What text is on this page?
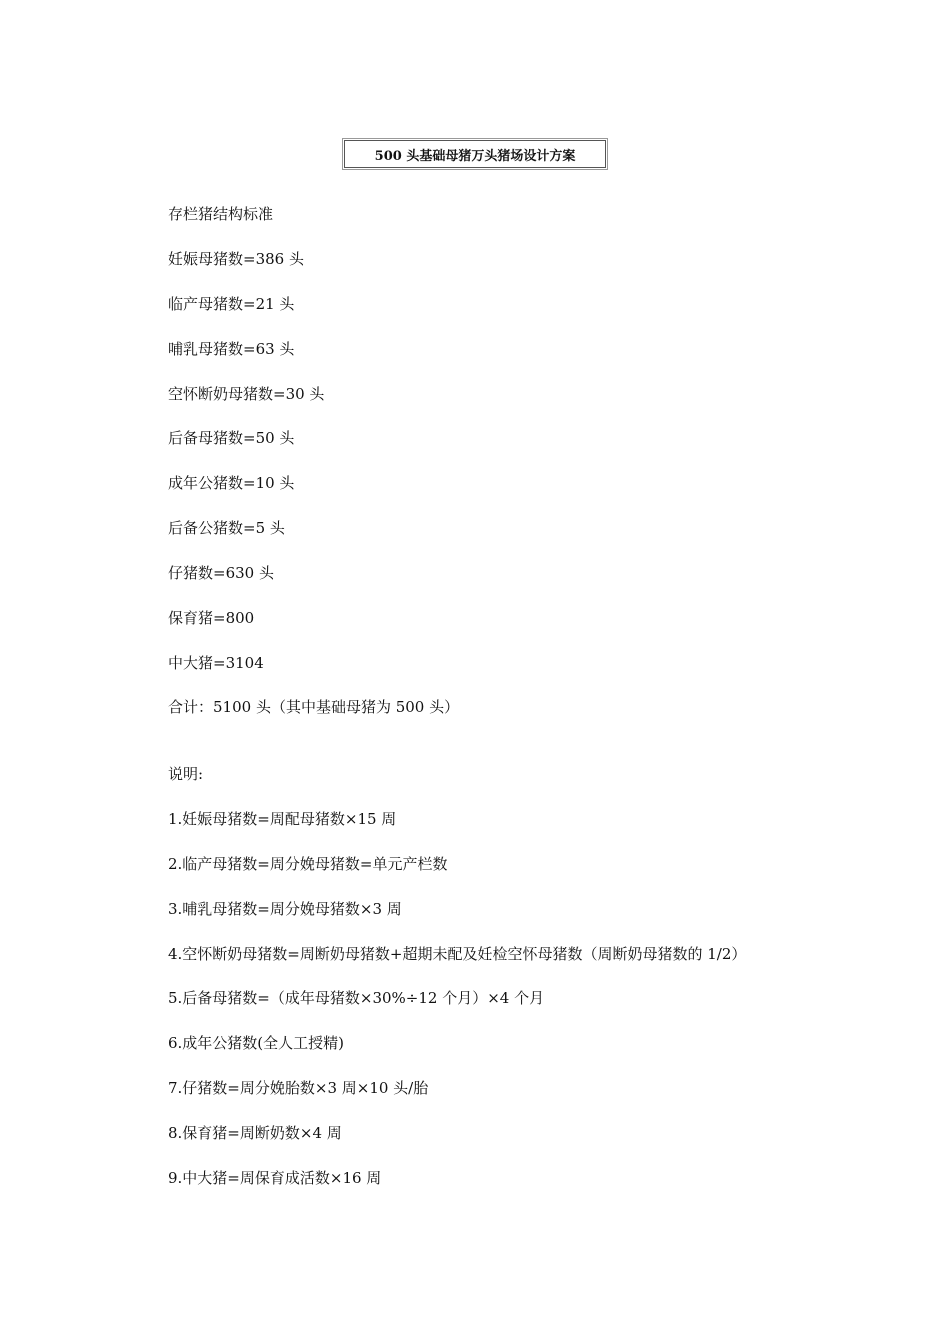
500 头基础母猪万头猪场设计方案
存栏猪结构标准
妊娠母猪数=386 头
临产母猪数=21 头
哺乳母猪数=63 头
空怀断奶母猪数=30 头
后备母猪数=50 头
成年公猪数=10 头
后备公猪数=5 头
仔猪数=630 头
保育猪=800
中大猪=3104
合计：5100 头（其中基础母猪为 500 头）
说明:
1.妊娠母猪数=周配母猪数×15 周
2.临产母猪数=周分娩母猪数=单元产栏数
3.哺乳母猪数=周分娩母猪数×3 周
4.空怀断奶母猪数=周断奶母猪数+超期未配及妊检空怀母猪数（周断奶母猪数的 1/2）
5.后备母猪数=（成年母猪数×30%÷12 个月）×4 个月
6.成年公猪数(全人工授精)
7.仔猪数=周分娩胎数×3 周×10 头/胎
8.保育猪=周断奶数×4 周
9.中大猪=周保育成活数×16 周
